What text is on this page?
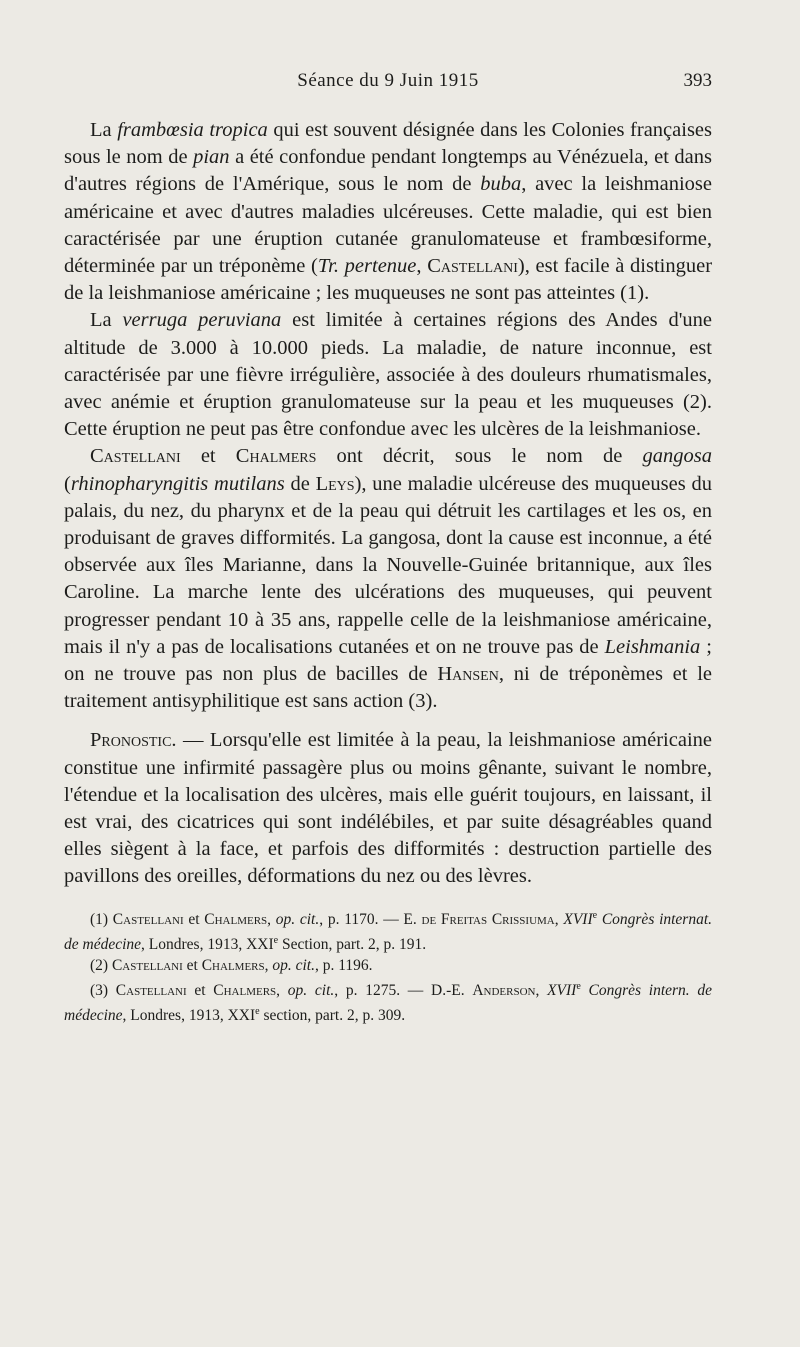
Séance du 9 Juin 1915	393

La frambœsia tropica qui est souvent désignée dans les Colonies françaises sous le nom de pian a été confondue pendant longtemps au Vénézuela, et dans d'autres régions de l'Amérique, sous le nom de buba, avec la leishmaniose américaine et avec d'autres maladies ulcéreuses. Cette maladie, qui est bien caractérisée par une éruption cutanée granulomateuse et frambœsiforme, déterminée par un tréponème (Tr. pertenue, Castellani), est facile à distinguer de la leishmaniose américaine ; les muqueuses ne sont pas atteintes (1).

La verruga peruviana est limitée à certaines régions des Andes d'une altitude de 3.000 à 10.000 pieds. La maladie, de nature inconnue, est caractérisée par une fièvre irrégulière, associée à des douleurs rhumatismales, avec anémie et éruption granulomateuse sur la peau et les muqueuses (2). Cette éruption ne peut pas être confondue avec les ulcères de la leishmaniose.

Castellani et Chalmers ont décrit, sous le nom de gangosa (rhinopharyngitis mutilans de Leys), une maladie ulcéreuse des muqueuses du palais, du nez, du pharynx et de la peau qui détruit les cartilages et les os, en produisant de graves difformités. La gangosa, dont la cause est inconnue, a été observée aux îles Marianne, dans la Nouvelle-Guinée britannique, aux îles Caroline. La marche lente des ulcérations des muqueuses, qui peuvent progresser pendant 10 à 35 ans, rappelle celle de la leishmaniose américaine, mais il n'y a pas de localisations cutanées et on ne trouve pas de Leishmania ; on ne trouve pas non plus de bacilles de Hansen, ni de tréponèmes et le traitement antisyphilitique est sans action (3).

Pronostic. — Lorsqu'elle est limitée à la peau, la leishmaniose américaine constitue une infirmité passagère plus ou moins gênante, suivant le nombre, l'étendue et la localisation des ulcères, mais elle guérit toujours, en laissant, il est vrai, des cicatrices qui sont indélébiles, et par suite désagréables quand elles siègent à la face, et parfois des difformités : destruction partielle des pavillons des oreilles, déformations du nez ou des lèvres.

(1) Castellani et Chalmers, op. cit., p. 1170. — E. de Freitas Crissiuma, XVIIe Congrès internat. de médecine, Londres, 1913, XXIe Section, part. 2, p. 191.

(2) Castellani et Chalmers, op. cit., p. 1196.

(3) Castellani et Chalmers, op. cit., p. 1275. — D.-E. Anderson, XVIIe Congrès intern. de médecine, Londres, 1913, XXIe section, part. 2, p. 309.
